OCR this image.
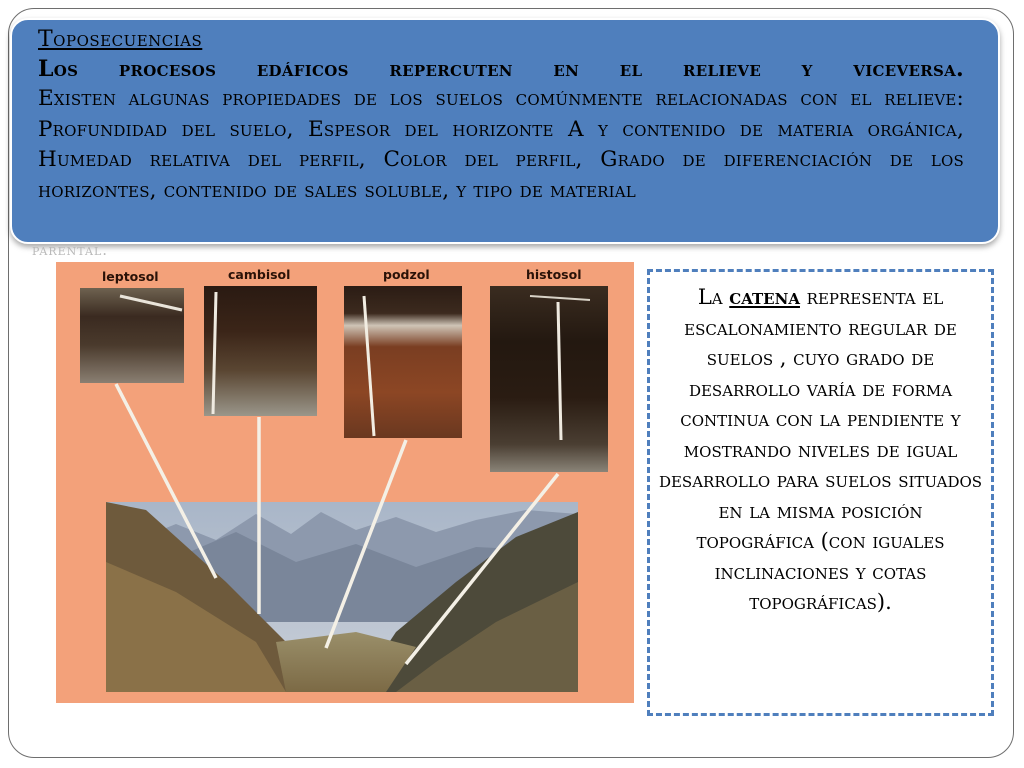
Toposecuencias
Los procesos edáficos repercuten en el relieve y viceversa.
Existen algunas propiedades de los suelos comúnmente relacionadas con el relieve: Profundidad del suelo, Espesor del horizonte A y contenido de materia orgánica, Humedad relativa del perfil, Color del perfil, Grado de diferenciación de los horizontes, contenido de sales soluble, y tipo de material
parental.
leptosol	cambisol	podzol	histosol
La catena representa el escalonamiento regular de suelos , cuyo grado de desarrollo varía de forma continua con la pendiente y mostrando niveles de igual desarrollo para suelos situados en la misma posición topográfica (con iguales inclinaciones y cotas topográficas).
